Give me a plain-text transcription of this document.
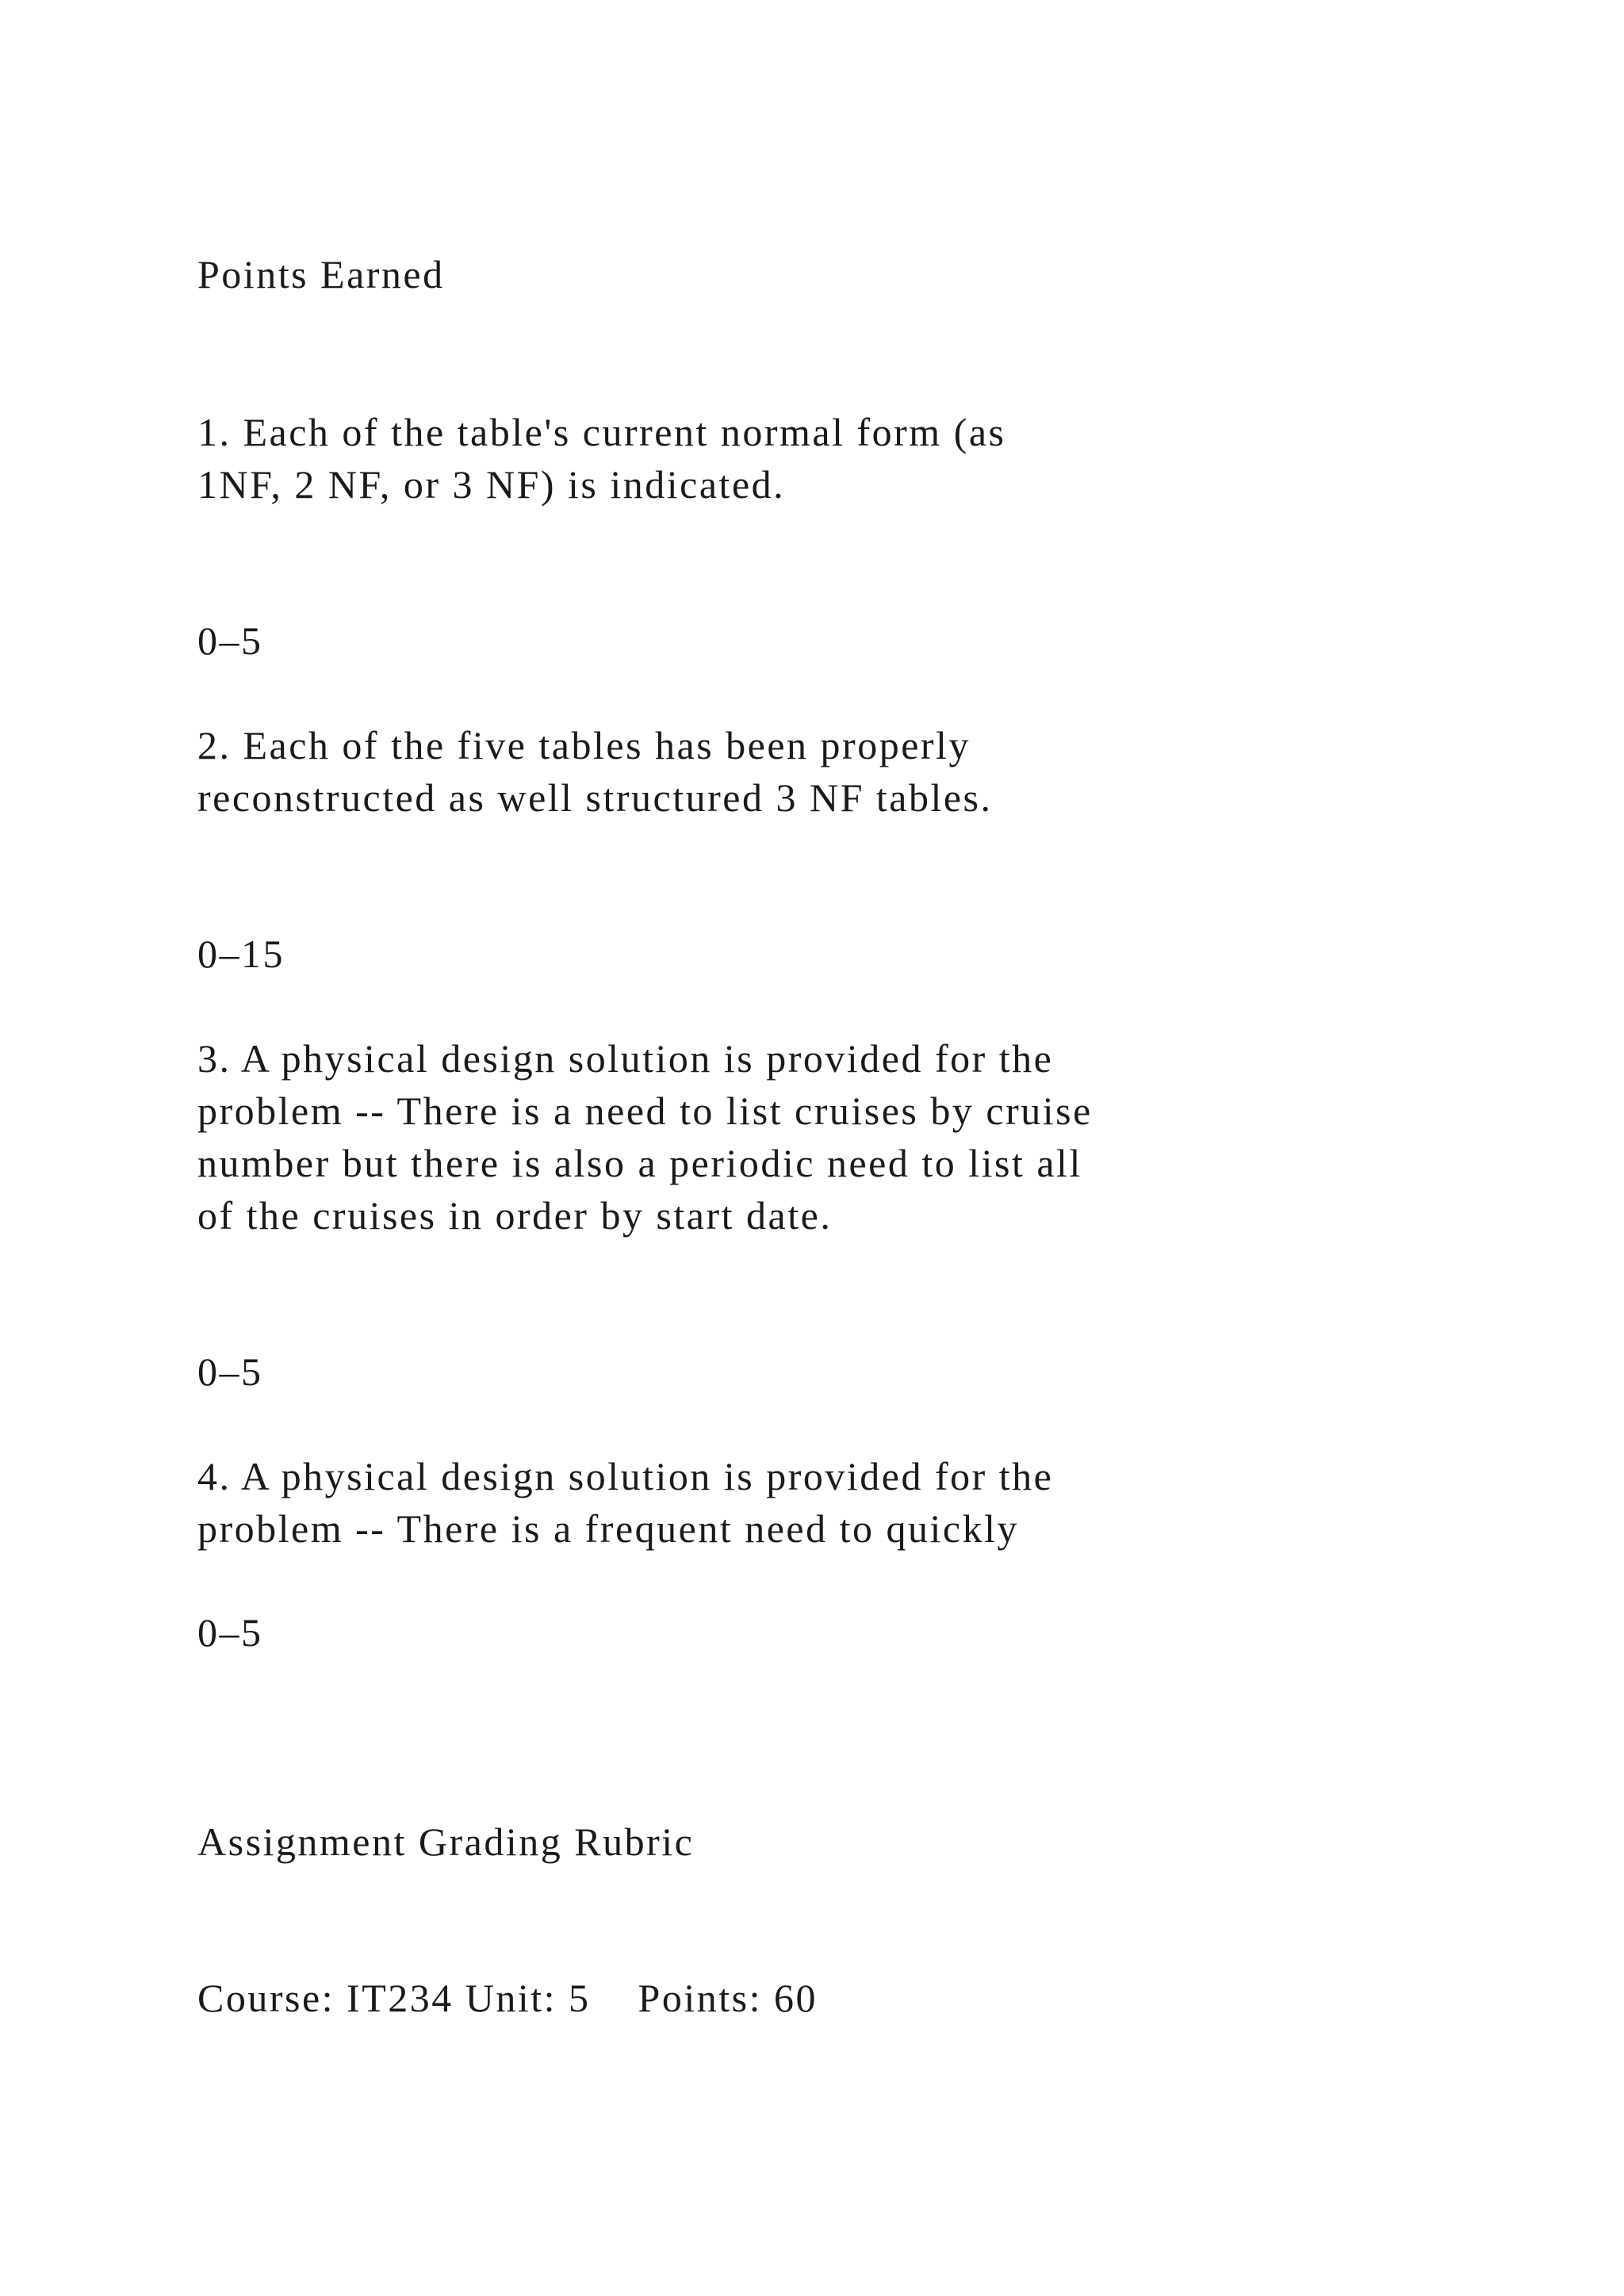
Points Earned

1. Each of the table's current normal form (as
1NF, 2 NF, or 3 NF) is indicated.

0–5

2. Each of the five tables has been properly
reconstructed as well structured 3 NF tables.

0–15

3. A physical design solution is provided for the
problem -- There is a need to list cruises by cruise
number but there is also a periodic need to list all
of the cruises in order by start date.

0–5

4. A physical design solution is provided for the
problem -- There is a frequent need to quickly

0–5

Assignment Grading Rubric

Course: IT234 Unit: 5    Points: 60
